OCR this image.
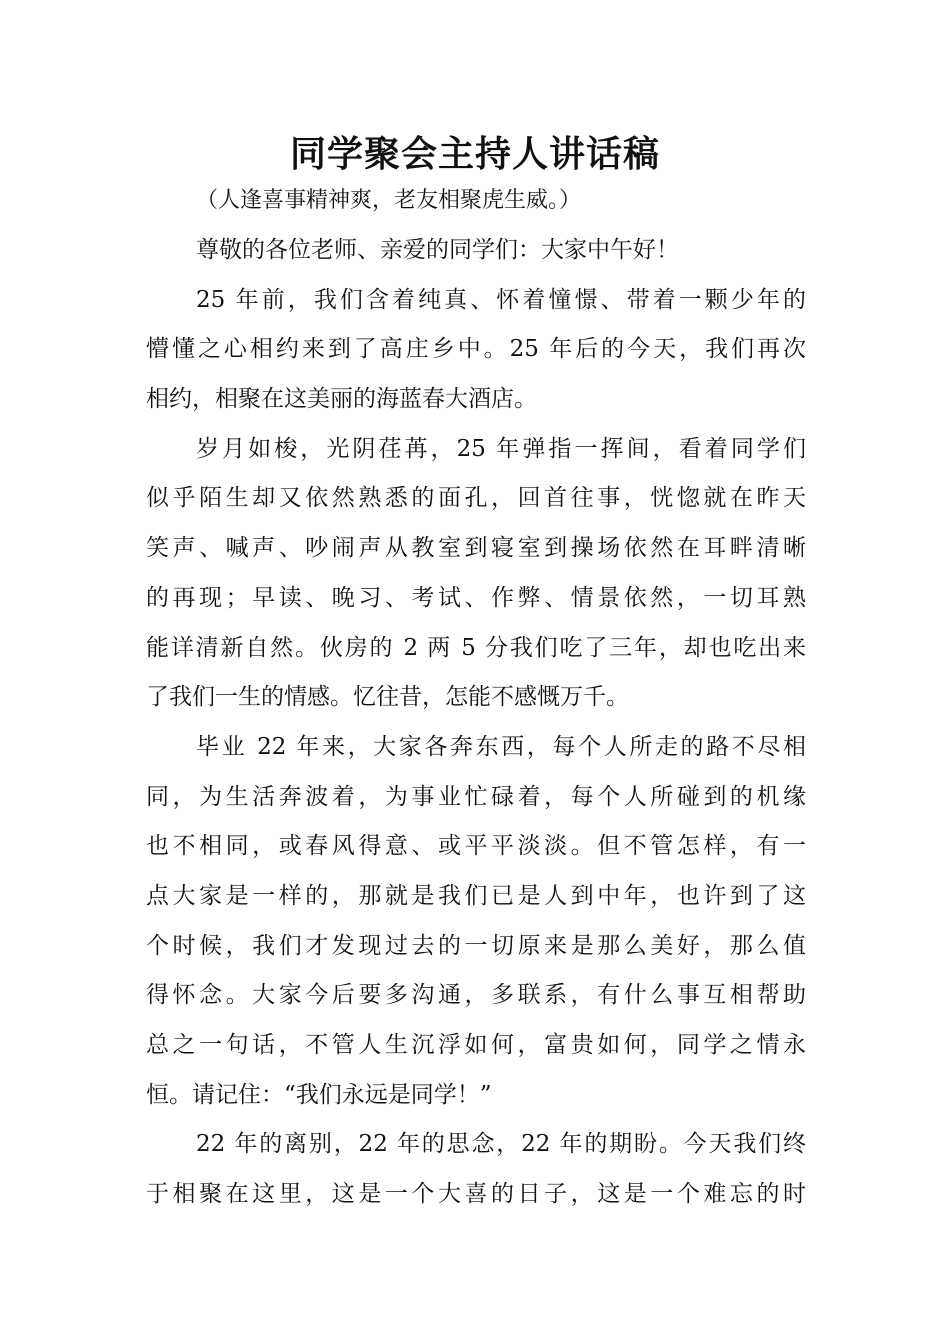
同学聚会主持人讲话稿
（人逢喜事精神爽，老友相聚虎生威。）
尊敬的各位老师、亲爱的同学们：大家中午好！
25 年前，我们含着纯真、怀着憧憬、带着一颗少年的
懵懂之心相约来到了高庄乡中。25 年后的今天，我们再次
相约，相聚在这美丽的海蓝春大酒店。
岁月如梭，光阴荏苒，25 年弹指一挥间，看着同学们
似乎陌生却又依然熟悉的面孔，回首往事，恍惚就在昨天
笑声、喊声、吵闹声从教室到寝室到操场依然在耳畔清晰
的再现；早读、晚习、考试、作弊、情景依然，一切耳熟
能详清新自然。伙房的 2 两 5 分我们吃了三年，却也吃出来
了我们一生的情感。忆往昔，怎能不感慨万千。
毕业 22 年来，大家各奔东西，每个人所走的路不尽相
同，为生活奔波着，为事业忙碌着，每个人所碰到的机缘
也不相同，或春风得意、或平平淡淡。但不管怎样，有一
点大家是一样的，那就是我们已是人到中年，也许到了这
个时候，我们才发现过去的一切原来是那么美好，那么值
得怀念。大家今后要多沟通，多联系，有什么事互相帮助
总之一句话，不管人生沉浮如何，富贵如何，同学之情永
恒。请记住：“我们永远是同学！”
22 年的离别，22 年的思念，22 年的期盼。今天我们终
于相聚在这里，这是一个大喜的日子，这是一个难忘的时
